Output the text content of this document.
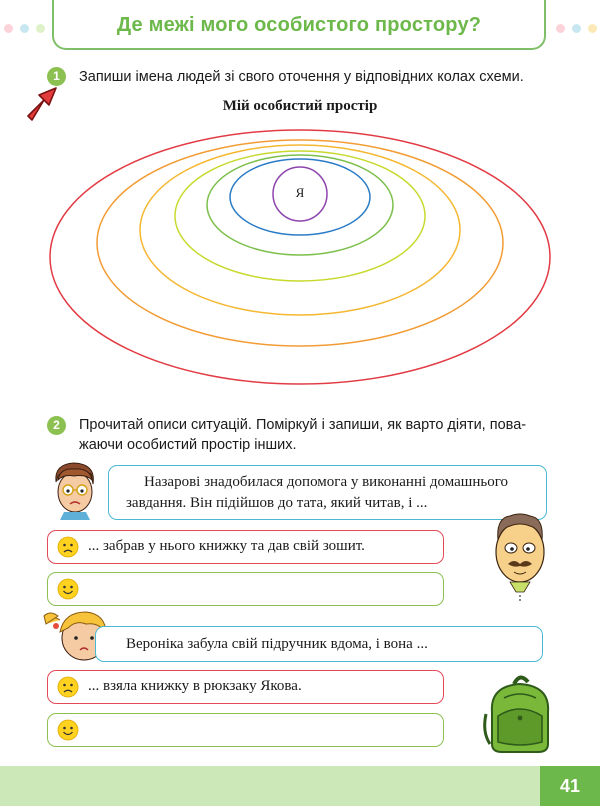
Де межі мого особистого простору?
1	Запиши імена людей зі свого оточення у відповідних колах схеми.
Мій особистий простір
Я
2	Прочитай описи ситуацій. Поміркуй і запиши, як варто діяти, пова-
жаючи особистий простір інших.
Назарові знадобилася допомога у виконанні домашнього
завдання. Він підійшов до тата, який читав, і ...
... забрав у нього книжку та дав свій зошит.
Вероніка забула свій підручник вдома, і вона ...
... взяла книжку в рюкзаку Якова.
41
